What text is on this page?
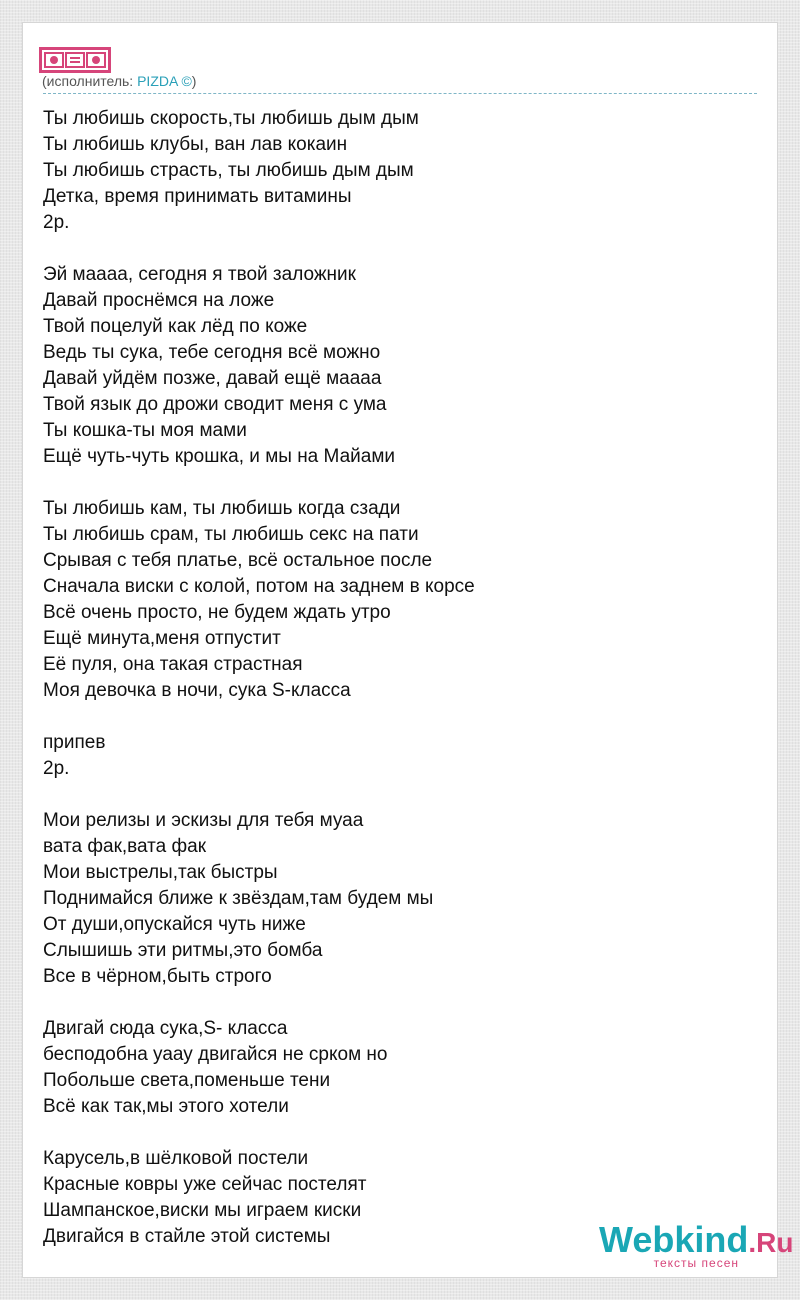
(исполнитель: PIZDA ©)
Ты любишь скорость,ты любишь дым дым
Ты любишь клубы, ван лав кокаин
Ты любишь страсть, ты любишь дым дым
Детка, время принимать витамины
2р.
Эй маааа, сегодня я твой заложник
Давай проснёмся на ложе
Твой поцелуй как лёд по коже
Ведь ты сука, тебе сегодня всё можно
Давай уйдём позже, давай ещё маааа
Твой язык до дрожи сводит меня с ума
Ты кошка-ты моя мами
Ещё чуть-чуть крошка, и мы на Майами
Ты любишь кам, ты любишь когда сзади
Ты любишь срам, ты любишь секс на пати
Срывая с тебя платье, всё остальное после
Сначала виски с колой, потом на заднем в корсе
Всё очень просто, не будем ждать утро
Ещё минута,меня отпустит
Её пуля, она такая страстная
Моя девочка в ночи, сука S-класса
припев
2р.
Мои релизы и эскизы для тебя муаа
вата фак,вата фак
Мои выстрелы,так быстры
Поднимайся ближе к звёздам,там будем мы
От души,опускайся чуть ниже
Слышишь эти ритмы,это бомба
Все в чёрном,быть строго
Двигай сюда сука,S- класса
бесподобна уаау двигайся не срком но
Побольше света,поменьше тени
Всё как так,мы этого хотели
Карусель,в шёлковой постели
Красные ковры уже сейчас постелят
Шампанское,виски мы играем киски
Двигайся в стайле этой системы	Webkind.Ru
тексты песен
